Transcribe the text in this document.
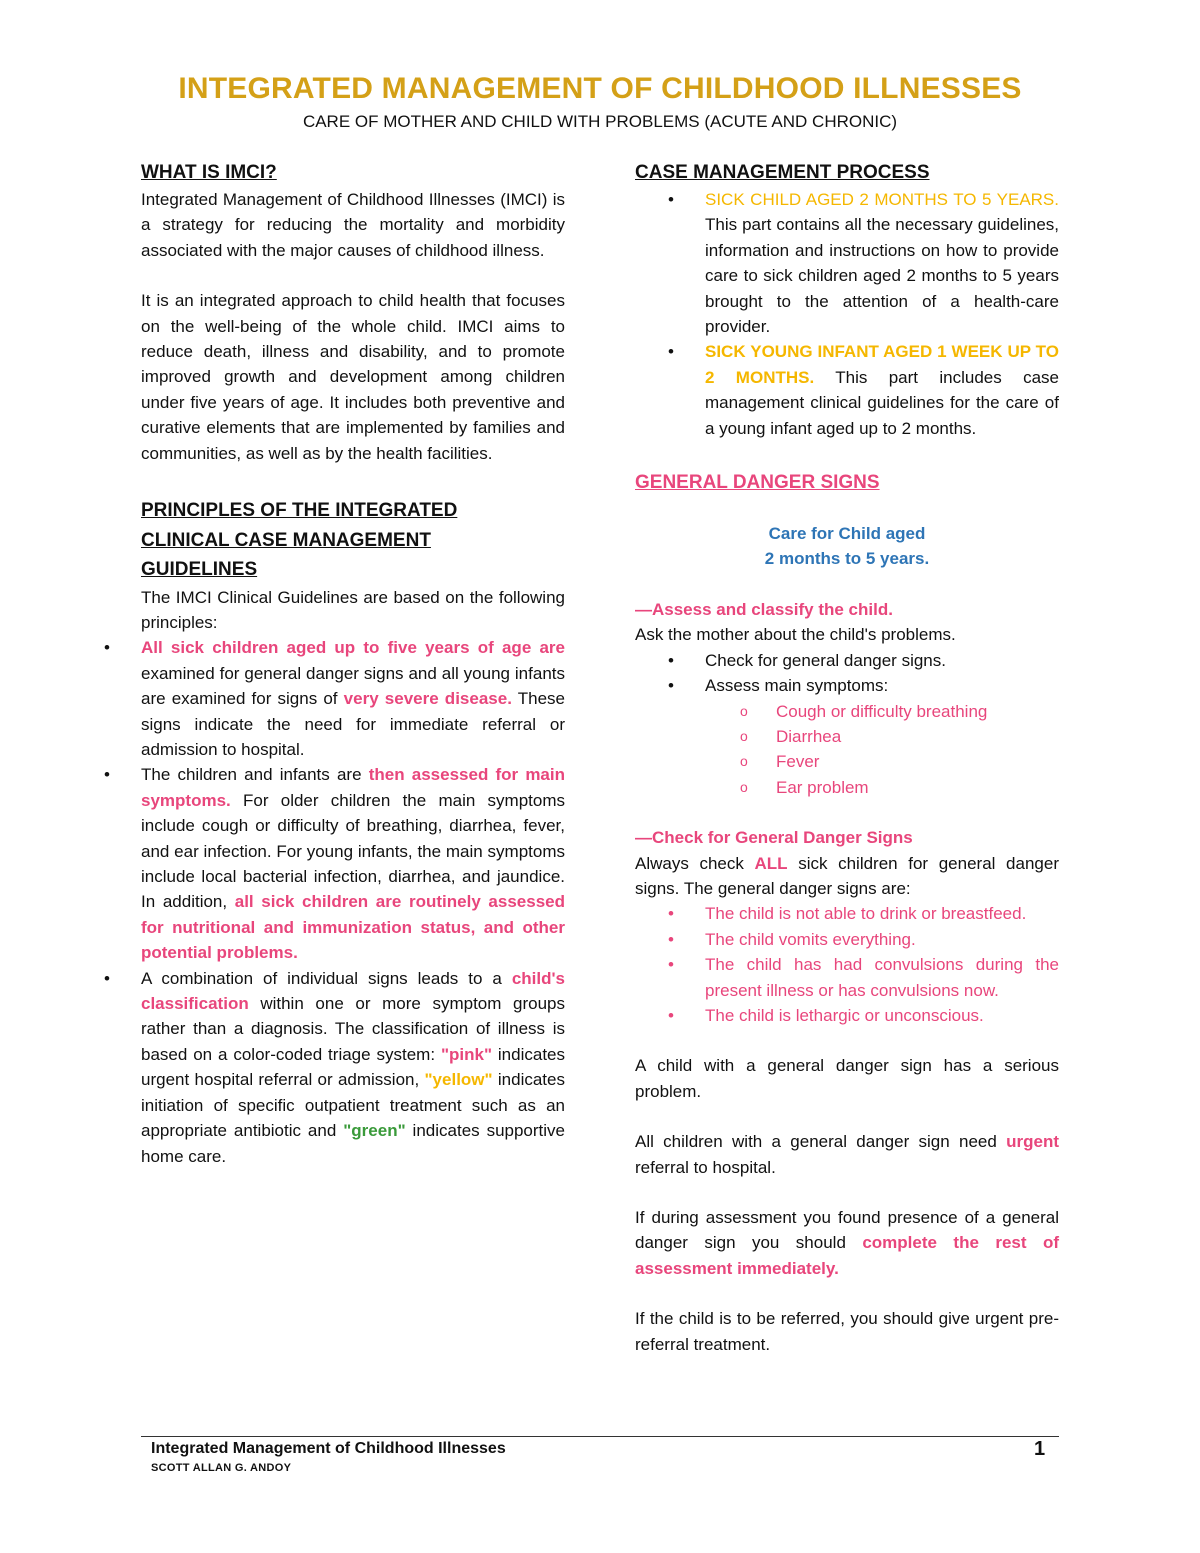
INTEGRATED MANAGEMENT OF CHILDHOOD ILLNESSES
CARE OF MOTHER AND CHILD WITH PROBLEMS (ACUTE AND CHRONIC)
WHAT IS IMCI?

Integrated Management of Childhood Illnesses (IMCI) is a strategy for reducing the mortality and morbidity associated with the major causes of childhood illness.

It is an integrated approach to child health that focuses on the well-being of the whole child. IMCI aims to reduce death, illness and disability, and to promote improved growth and development among children under five years of age. It includes both preventive and curative elements that are implemented by families and communities, as well as by the health facilities.

PRINCIPLES OF THE INTEGRATED CLINICAL CASE MANAGEMENT GUIDELINES

The IMCI Clinical Guidelines are based on the following principles:

• All sick children aged up to five years of age are examined for general danger signs and all young infants are examined for signs of very severe disease. These signs indicate the need for immediate referral or admission to hospital.
• The children and infants are then assessed for main symptoms. For older children the main symptoms include cough or difficulty of breathing, diarrhea, fever, and ear infection. For young infants, the main symptoms include local bacterial infection, diarrhea, and jaundice. In addition, all sick children are routinely assessed for nutritional and immunization status, and other potential problems.
• A combination of individual signs leads to a child's classification within one or more symptom groups rather than a diagnosis. The classification of illness is based on a color-coded triage system: "pink" indicates urgent hospital referral or admission, "yellow" indicates initiation of specific outpatient treatment such as an appropriate antibiotic and "green" indicates supportive home care.
CASE MANAGEMENT PROCESS
• SICK CHILD AGED 2 MONTHS TO 5 YEARS. This part contains all the necessary guidelines, information and instructions on how to provide care to sick children aged 2 months to 5 years brought to the attention of a health-care provider.
• SICK YOUNG INFANT AGED 1 WEEK UP TO 2 MONTHS. This part includes case management clinical guidelines for the care of a young infant aged up to 2 months.
GENERAL DANGER SIGNS
Care for Child aged
2 months to 5 years.
—Assess and classify the child.
Ask the mother about the child's problems.
• Check for general danger signs.
• Assess main symptoms:
o Cough or difficulty breathing
o Diarrhea
o Fever
o Ear problem
—Check for General Danger Signs

Always check ALL sick children for general danger signs. The general danger signs are:

• The child is not able to drink or breastfeed.
• The child vomits everything.
• The child has had convulsions during the present illness or has convulsions now.
• The child is lethargic or unconscious.

A child with a general danger sign has a serious problem.

All children with a general danger sign need urgent referral to hospital.

If during assessment you found presence of a general danger sign you should complete the rest of assessment immediately.

If the child is to be referred, you should give urgent pre-referral treatment.

Integrated Management of Childhood Illnesses
SCOTT ALLAN G. ANDOY
1
